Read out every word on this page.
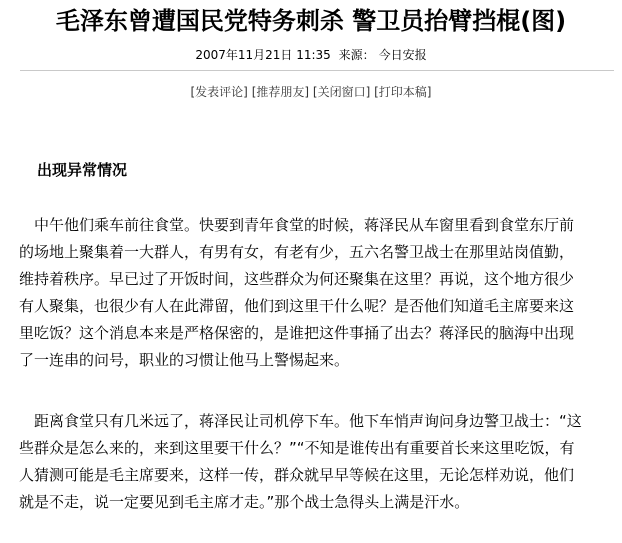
毛泽东曾遭国民党特务刺杀 警卫员抬臂挡棍(图)
2007年11月21日 11:35 来源： 今日安报
[发表评论] [推荐朋友] [关闭窗口] [打印本稿]
出现异常情况
　中午他们乘车前往食堂。快要到青年食堂的时候，蒋泽民从车窗里看到食堂东厅前
的场地上聚集着一大群人，有男有女，有老有少，五六名警卫战士在那里站岗值勤，
维持着秩序。早已过了开饭时间，这些群众为何还聚集在这里？再说，这个地方很少
有人聚集，也很少有人在此滞留，他们到这里干什么呢？是否他们知道毛主席要来这
里吃饭？这个消息本来是严格保密的，是谁把这件事捅了出去？蒋泽民的脑海中出现
了一连串的问号，职业的习惯让他马上警惕起来。
　距离食堂只有几米远了，蒋泽民让司机停下车。他下车悄声询问身边警卫战士：“这
些群众是怎么来的，来到这里要干什么？”“不知是谁传出有重要首长来这里吃饭，有
人猜测可能是毛主席要来，这样一传，群众就早早等候在这里，无论怎样劝说，他们
就是不走，说一定要见到毛主席才走。”那个战士急得头上满是汗水。
